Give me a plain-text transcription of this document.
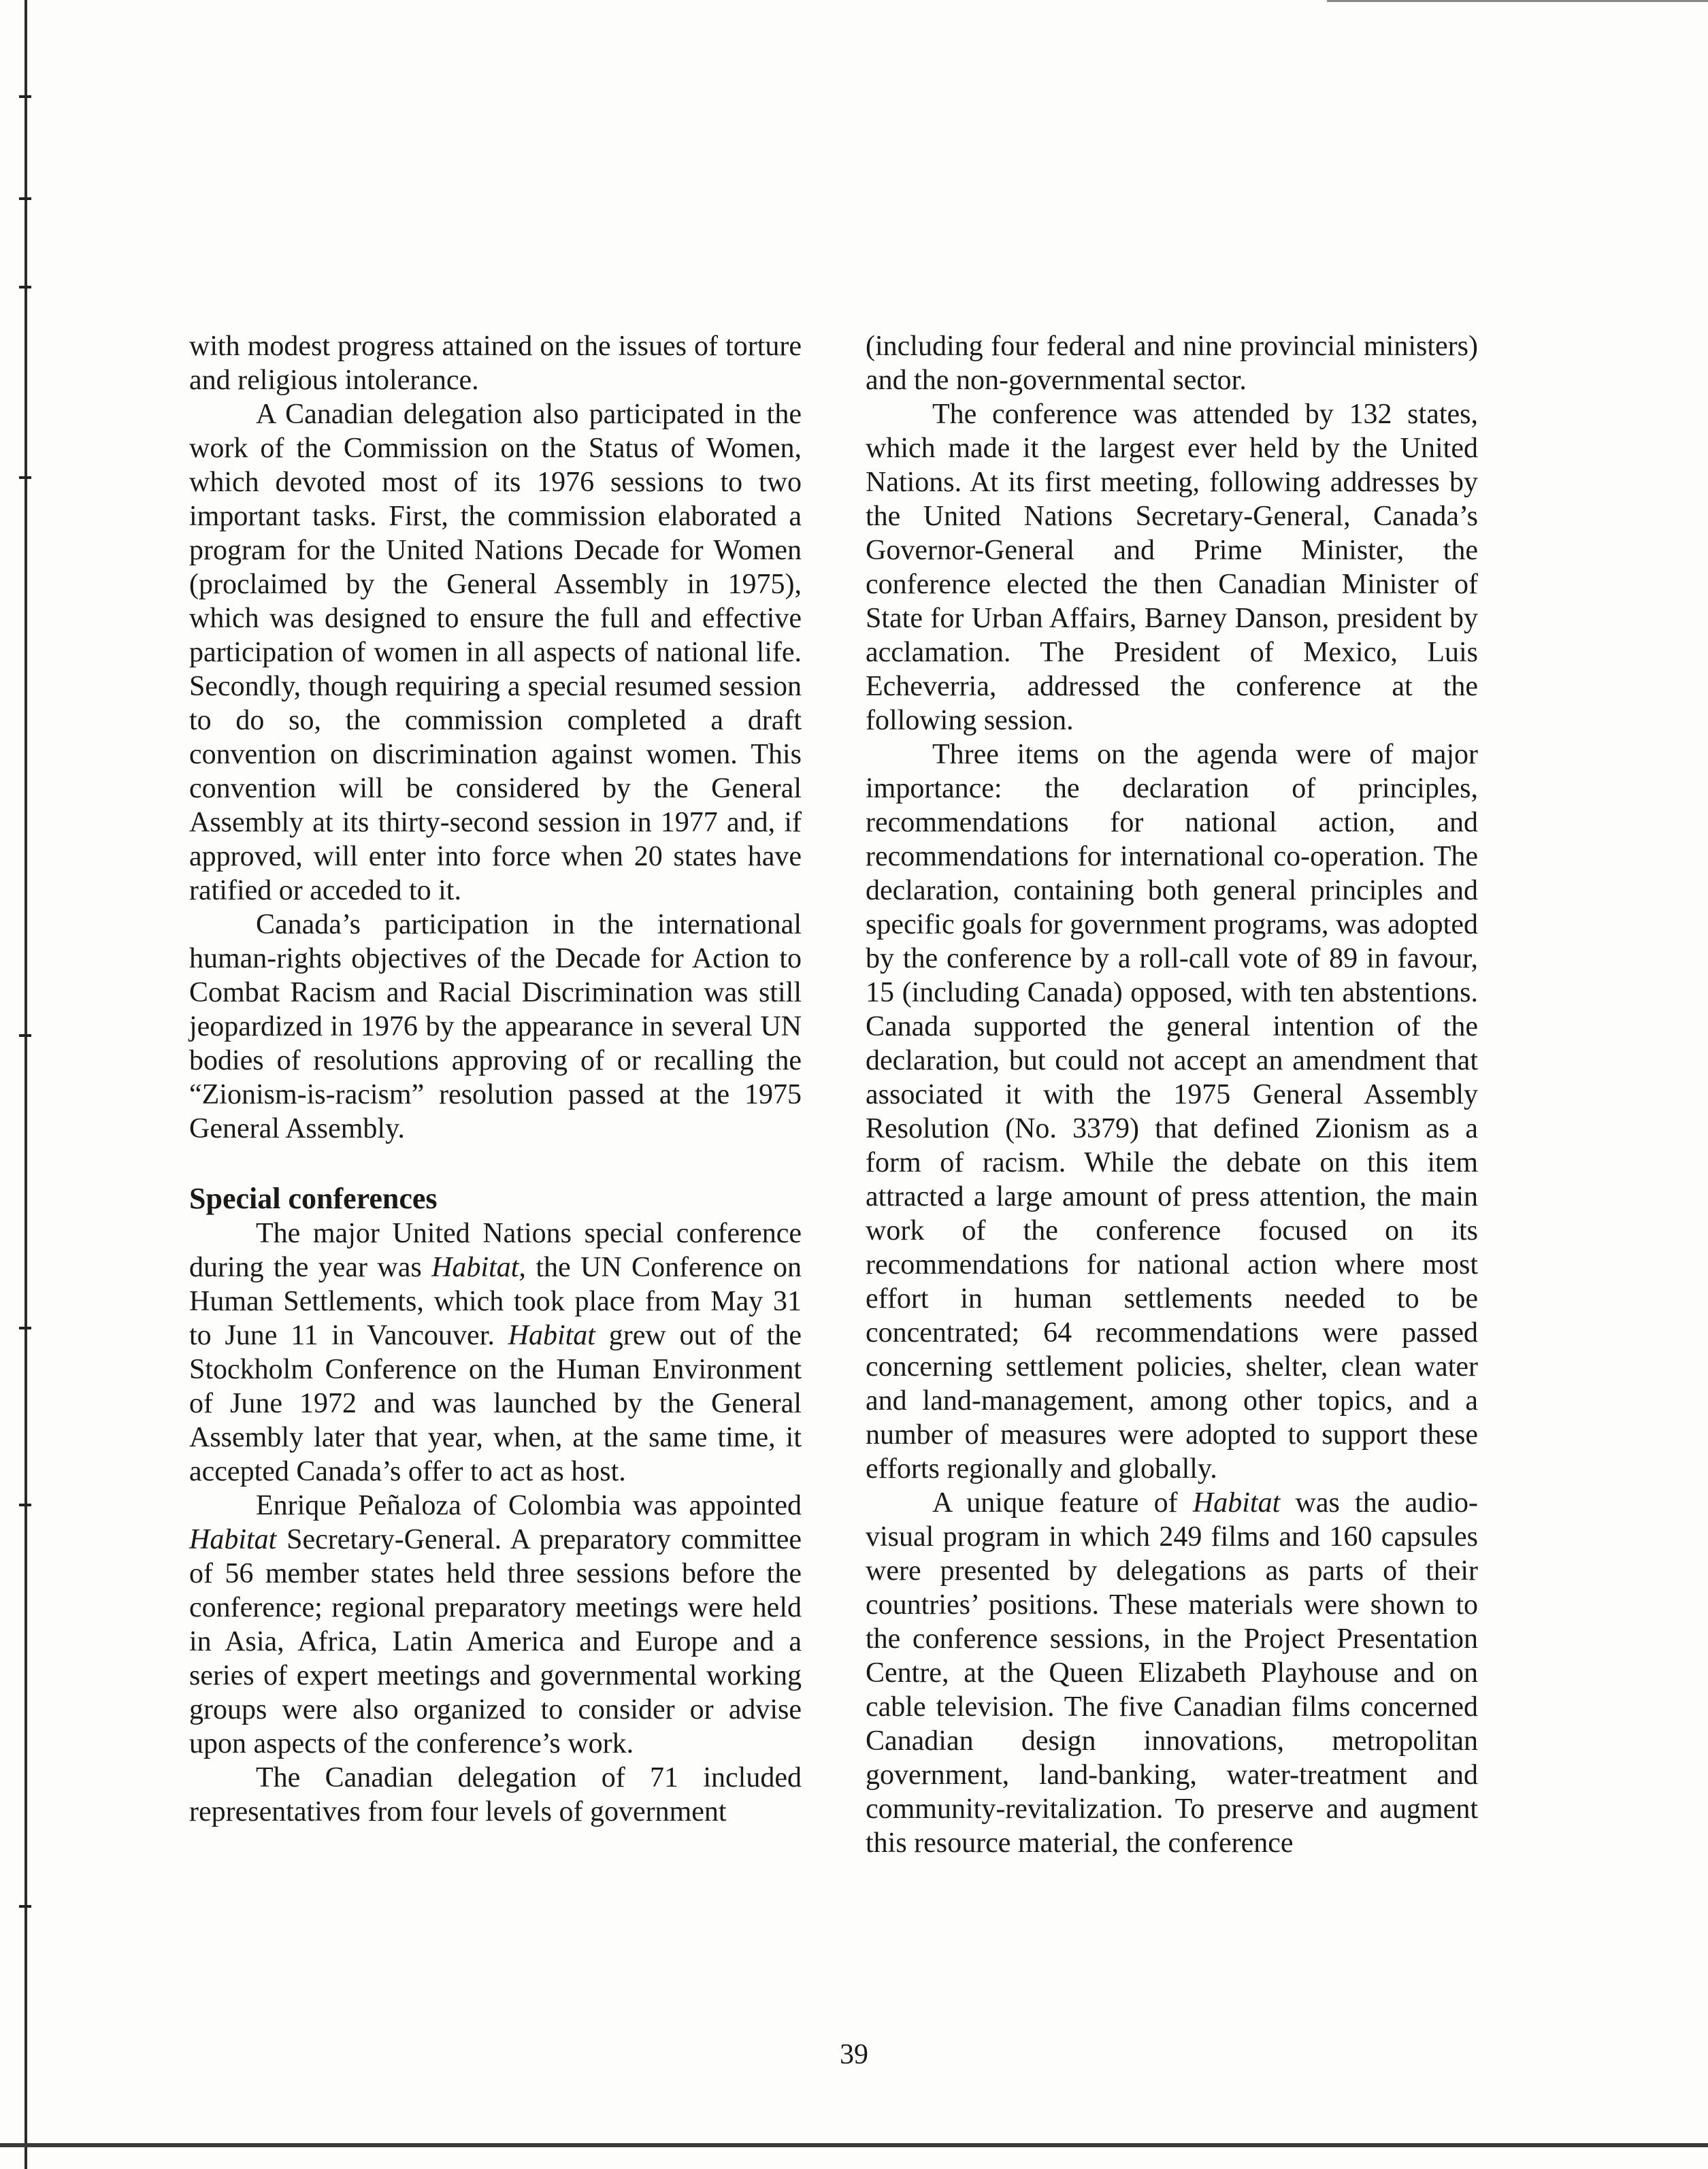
with modest progress attained on the issues of torture and religious intolerance.

A Canadian delegation also participated in the work of the Commission on the Status of Women, which devoted most of its 1976 sessions to two important tasks. First, the commission elaborated a program for the United Nations Decade for Women (proclaimed by the General Assembly in 1975), which was designed to ensure the full and effective participation of women in all aspects of national life. Secondly, though requiring a special resumed session to do so, the commission completed a draft convention on discrimination against women. This convention will be considered by the General Assembly at its thirty-second session in 1977 and, if approved, will enter into force when 20 states have ratified or acceded to it.

Canada’s participation in the international human-rights objectives of the Decade for Action to Combat Racism and Racial Discrimination was still jeopardized in 1976 by the appearance in several UN bodies of resolutions approving of or recalling the “Zionism-is-racism” resolution passed at the 1975 General Assembly.

Special conferences

The major United Nations special conference during the year was Habitat, the UN Conference on Human Settlements, which took place from May 31 to June 11 in Vancouver. Habitat grew out of the Stockholm Conference on the Human Environment of June 1972 and was launched by the General Assembly later that year, when, at the same time, it accepted Canada’s offer to act as host.

Enrique Peñaloza of Colombia was appointed Habitat Secretary-General. A preparatory committee of 56 member states held three sessions before the conference; regional preparatory meetings were held in Asia, Africa, Latin America and Europe and a series of expert meetings and governmental working groups were also organized to consider or advise upon aspects of the conference’s work.

The Canadian delegation of 71 included representatives from four levels of government

(including four federal and nine provincial ministers) and the non-governmental sector.

The conference was attended by 132 states, which made it the largest ever held by the United Nations. At its first meeting, following addresses by the United Nations Secretary-General, Canada’s Governor-General and Prime Minister, the conference elected the then Canadian Minister of State for Urban Affairs, Barney Danson, president by acclamation. The President of Mexico, Luis Echeverria, addressed the conference at the following session.

Three items on the agenda were of major importance: the declaration of principles, recommendations for national action, and recommendations for international co-operation. The declaration, containing both general principles and specific goals for government programs, was adopted by the conference by a roll-call vote of 89 in favour, 15 (including Canada) opposed, with ten abstentions. Canada supported the general intention of the declaration, but could not accept an amendment that associated it with the 1975 General Assembly Resolution (No. 3379) that defined Zionism as a form of racism. While the debate on this item attracted a large amount of press attention, the main work of the conference focused on its recommendations for national action where most effort in human settlements needed to be concentrated; 64 recommendations were passed concerning settlement policies, shelter, clean water and land-management, among other topics, and a number of measures were adopted to support these efforts regionally and globally.

A unique feature of Habitat was the audio-visual program in which 249 films and 160 capsules were presented by delegations as parts of their countries’ positions. These materials were shown to the conference sessions, in the Project Presentation Centre, at the Queen Elizabeth Playhouse and on cable television. The five Canadian films concerned Canadian design innovations, metropolitan government, land-banking, water-treatment and community-revitalization. To preserve and augment this resource material, the conference

39
